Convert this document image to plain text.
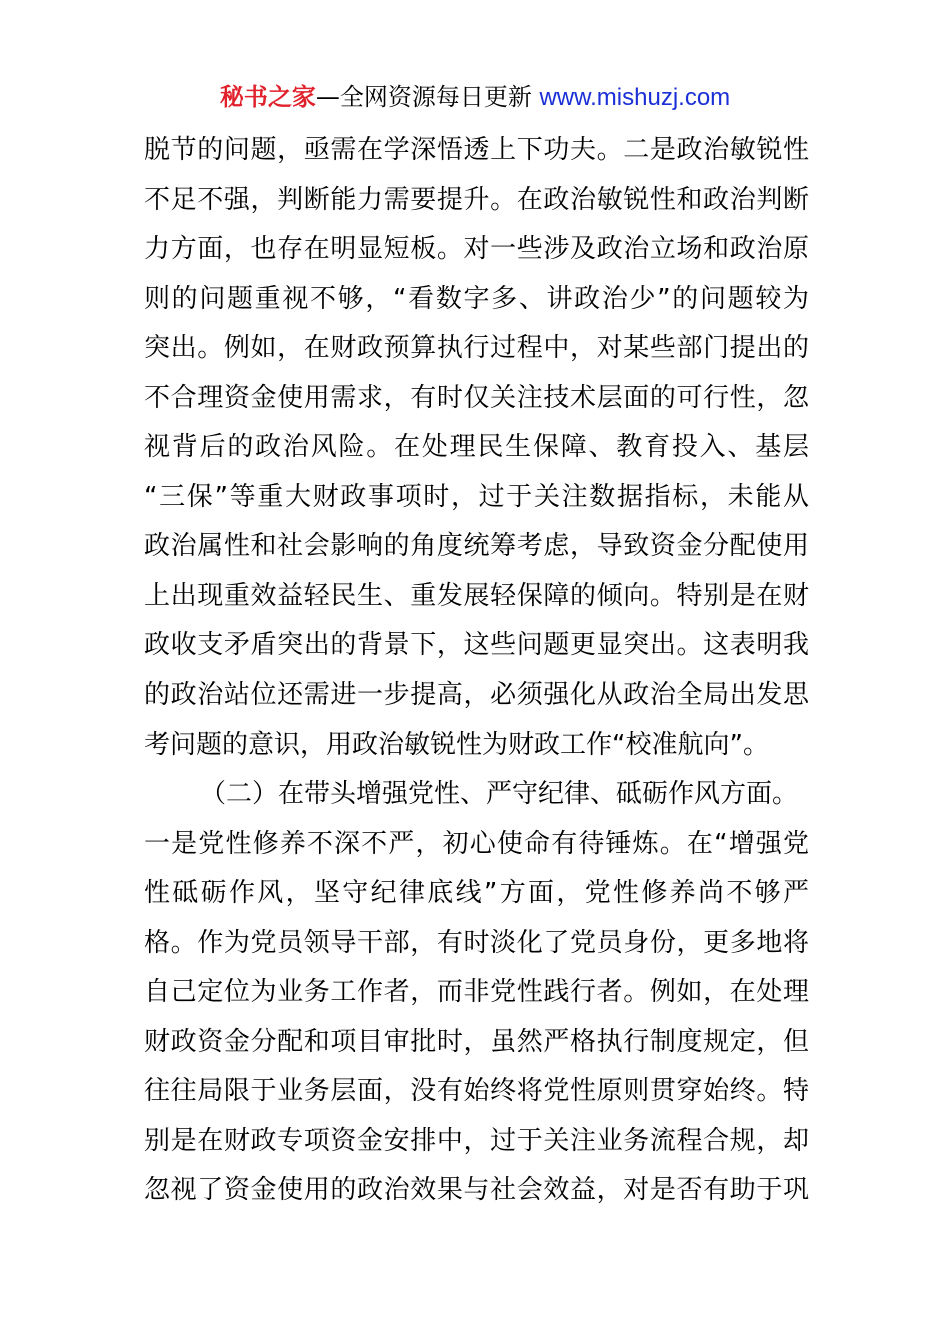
秘书之家—全网资源每日更新 www.mishuzj.com
脱节的问题，亟需在学深悟透上下功夫。二是政治敏锐性
不足不强，判断能力需要提升。在政治敏锐性和政治判断
力方面，也存在明显短板。对一些涉及政治立场和政治原
则的问题重视不够，“看数字多、讲政治少”的问题较为
突出。例如，在财政预算执行过程中，对某些部门提出的
不合理资金使用需求，有时仅关注技术层面的可行性，忽
视背后的政治风险。在处理民生保障、教育投入、基层
“三保”等重大财政事项时，过于关注数据指标，未能从
政治属性和社会影响的角度统筹考虑，导致资金分配使用
上出现重效益轻民生、重发展轻保障的倾向。特别是在财
政收支矛盾突出的背景下，这些问题更显突出。这表明我
的政治站位还需进一步提高，必须强化从政治全局出发思
考问题的意识，用政治敏锐性为财政工作“校准航向”。
（二）在带头增强党性、严守纪律、砥砺作风方面。
一是党性修养不深不严，初心使命有待锤炼。在“增强党
性砥砺作风，坚守纪律底线”方面，党性修养尚不够严
格。作为党员领导干部，有时淡化了党员身份，更多地将
自己定位为业务工作者，而非党性践行者。例如，在处理
财政资金分配和项目审批时，虽然严格执行制度规定，但
往往局限于业务层面，没有始终将党性原则贯穿始终。特
别是在财政专项资金安排中，过于关注业务流程合规，却
忽视了资金使用的政治效果与社会效益，对是否有助于巩
